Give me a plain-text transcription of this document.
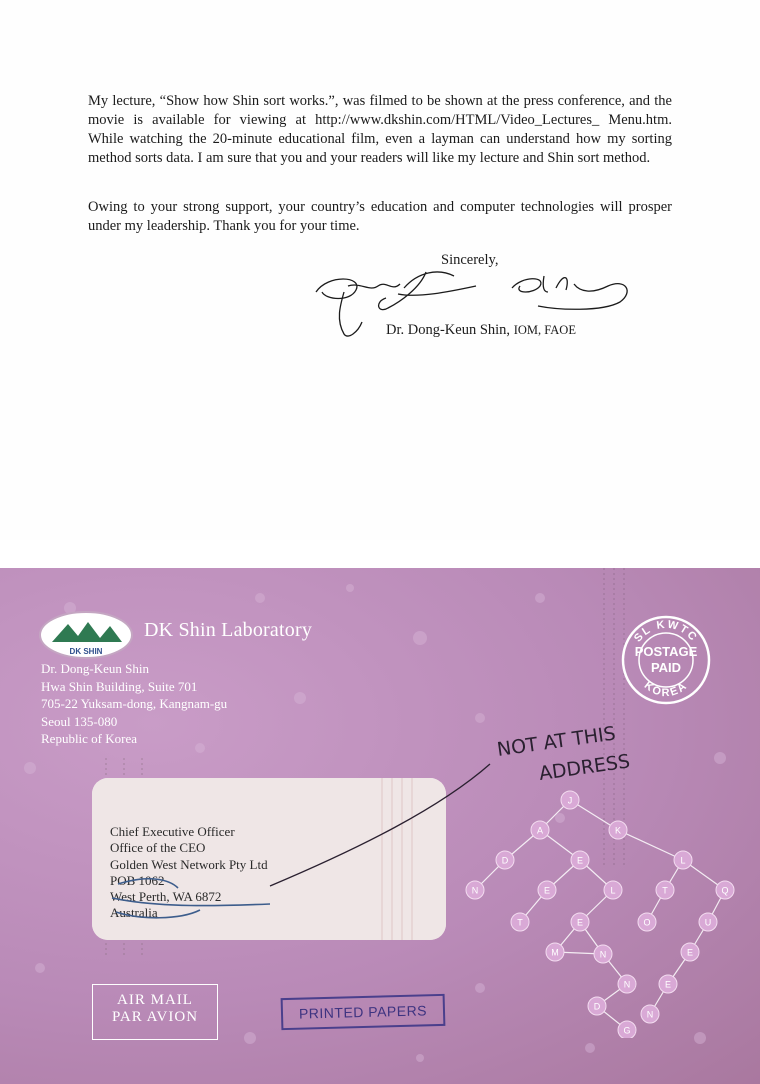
My lecture, “Show how Shin sort works.”, was filmed to be shown at the press conference, and the movie is available for viewing at http://www.dkshin.com/HTML/Video_Lectures_ Menu.htm. While watching the 20-minute educational film, even a layman can understand how my sorting method sorts data. I am sure that you and your readers will like my lecture and Shin sort method.

Owing to your strong support, your country’s education and computer technologies will prosper under my leadership. Thank you for your time.

Sincerely,
Dr. Dong-Keun Shin, IOM, FAOE
DK SHIN
DK Shin Laboratory
Dr. Dong-Keun Shin
Hwa Shin Building, Suite 701
705-22 Yuksam-dong, Kangnam-gu
Seoul 135-080
Republic of Korea
SL KWTC
KOREA
POSTAGE
PAID
Chief Executive Officer
Office of the CEO
Golden West Network Pty Ltd
POB 1062
West Perth, WA 6872
Australia
J
A
D	E
N	E
T
L
E
M	N
D
G
K
L
T
O
Q
U
E
N	E
N
NOT AT THIS
ADDRESS
AIR MAIL
PAR AVION	PRINTED PAPERS
